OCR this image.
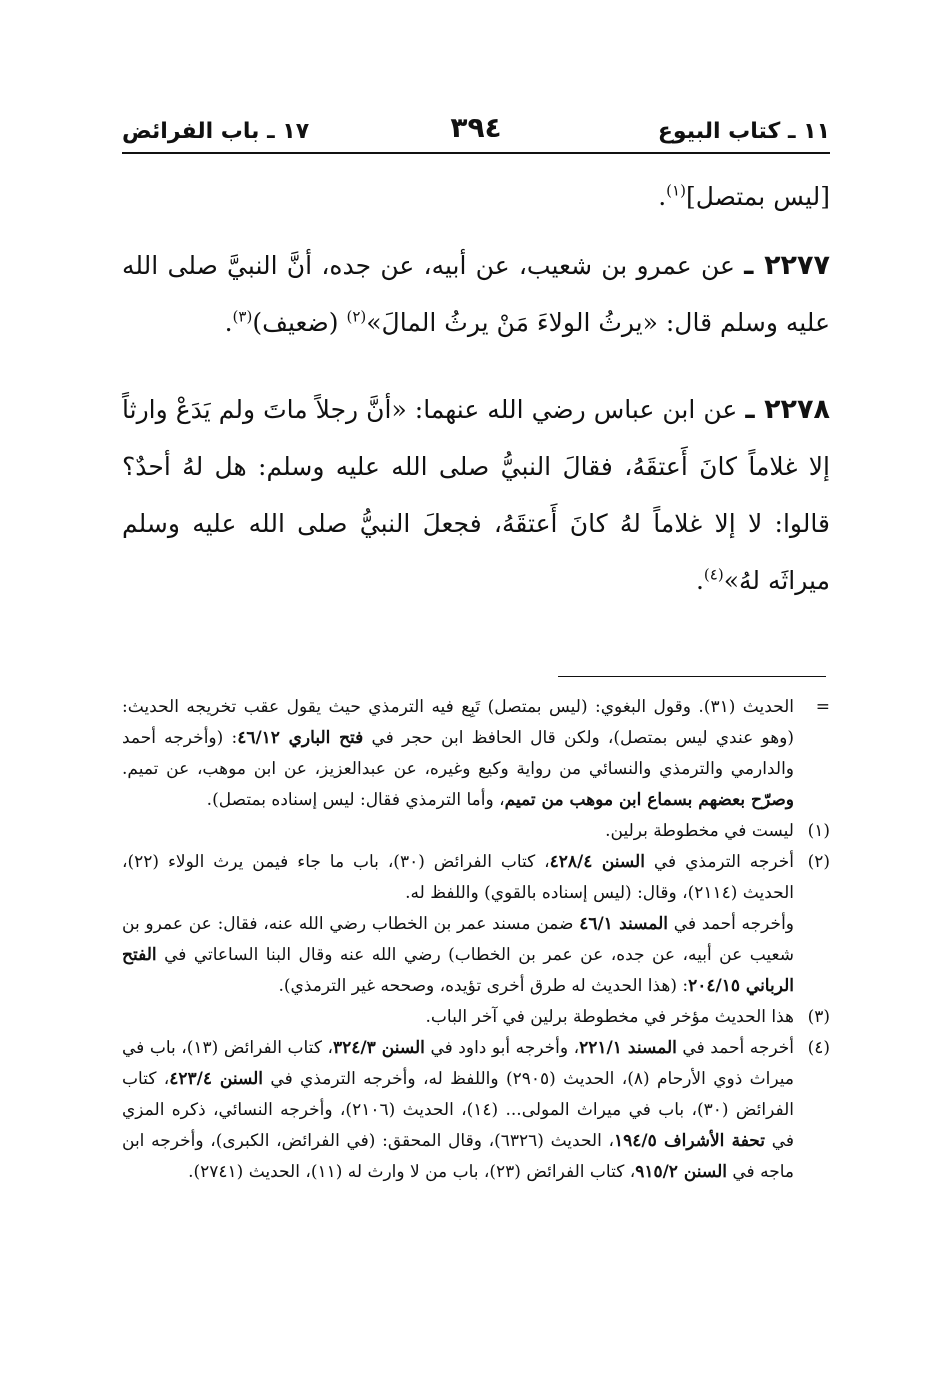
١١ ـ كتاب البيوع
٣٩٤
١٧ ـ باب الفرائض

[ليس بمتصل]$^{(١)}$.

٢٢٧٧ ـ عن عمرو بن شعيب، عن أبيه، عن جده، أنَّ النبيَّ صلى الله عليه وسلم قال: «يرثُ الولاءَ مَنْ يرثُ المالَ»$^{(٢)}$ (ضعيف)$^{(٣)}$.

٢٢٧٨ ـ عن ابن عباس رضي الله عنهما: «أنَّ رجلاً ماتَ ولم يَدَعْ وارثاً إلا غلاماً كانَ أَعتقَهُ، فقالَ النبيُّ صلى الله عليه وسلم: هل لهُ أحدٌ؟ قالوا: لا إلا غلاماً لهُ كانَ أَعتقَهُ، فجعلَ النبيُّ صلى الله عليه وسلم ميراثَه لهُ»$^{(٤)}$.

=
الحديث (٣١). وقول البغوي: (ليس بمتصل) تَبِع فيه الترمذي حيث يقول عقب تخريجه الحديث: (وهو عندي ليس بمتصل)، ولكن قال الحافظ ابن حجر في فتح الباري ٤٦/١٢: (وأخرجه أحمد والدارمي والترمذي والنسائي من رواية وكيع وغيره، عن عبدالعزيز، عن ابن موهب، عن تميم. وصرّح بعضهم بسماع ابن موهب من تميم، وأما الترمذي فقال: ليس إسناده بمتصل).

(١)
ليست في مخطوطة برلين.

(٢)

أخرجه الترمذي في السنن ٤٢٨/٤، كتاب الفرائض (٣٠)، باب ما جاء فيمن يرث الولاء (٢٢)، الحديث (٢١١٤)، وقال: (ليس إسناده بالقوي) واللفظ له.

وأخرجه أحمد في المسند ٤٦/١ ضمن مسند عمر بن الخطاب رضي الله عنه، فقال: عن عمرو بن شعيب عن أبيه، عن جده، عن عمر بن الخطاب) رضي الله عنه وقال البنا الساعاتي في الفتح الرباني ٢٠٤/١٥: (هذا الحديث له طرق أخرى تؤيده، وصححه غير الترمذي).

(٣)
هذا الحديث مؤخر في مخطوطة برلين في آخر الباب.

(٤)
أخرجه أحمد في المسند ٢٢١/١، وأخرجه أبو داود في السنن ٣٢٤/٣، كتاب الفرائض (١٣)، باب في ميراث ذوي الأرحام (٨)، الحديث (٢٩٠٥) واللفظ له، وأخرجه الترمذي في السنن ٤٢٣/٤، كتاب الفرائض (٣٠)، باب في ميراث المولى... (١٤)، الحديث (٢١٠٦)، وأخرجه النسائي، ذكره المزي في تحفة الأشراف ١٩٤/٥، الحديث (٦٣٢٦)، وقال المحقق: (في الفرائض، الكبرى)، وأخرجه ابن ماجه في السنن ٩١٥/٢، كتاب الفرائض (٢٣)، باب من لا وارث له (١١)، الحديث (٢٧٤١).
